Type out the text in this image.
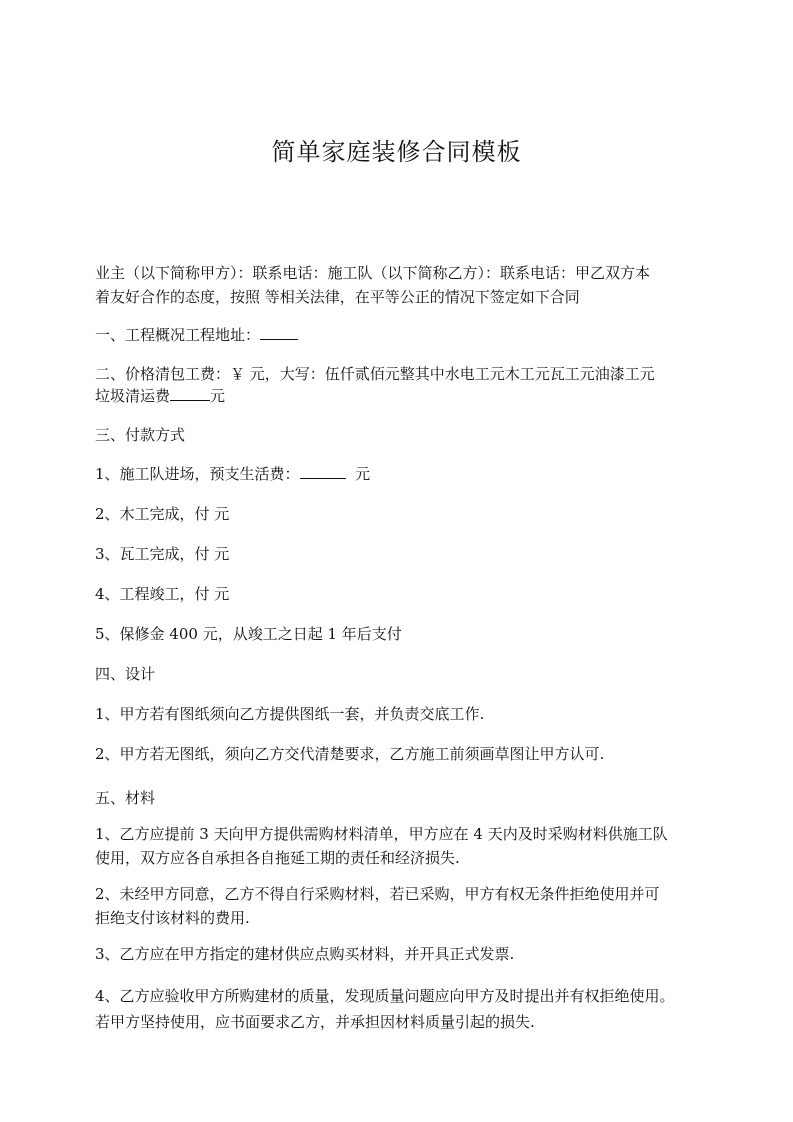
简单家庭装修合同模板

业主（以下简称甲方）：联系电话：施工队（以下简称乙方）：联系电话：甲乙双方本

着友好合作的态度，按照 等相关法律，在平等公正的情况下签定如下合同

一、工程概况工程地址：

二、价格清包工费：￥ 元，大写：伍仟贰佰元整其中水电工元木工元瓦工元油漆工元

垃圾清运费	元

三、付款方式

1、施工队进场，预支生活费：	元

2、木工完成，付 元

3、瓦工完成，付 元

4、工程竣工，付 元

5、保修金 400 元，从竣工之日起 1 年后支付

四、设计

1、甲方若有图纸须向乙方提供图纸一套，并负责交底工作.

2、甲方若无图纸，须向乙方交代清楚要求，乙方施工前须画草图让甲方认可.

五、材料

1、乙方应提前 3 天向甲方提供需购材料清单，甲方应在 4 天内及时采购材料供施工队

使用，双方应各自承担各自拖延工期的责任和经济损失.

2、未经甲方同意，乙方不得自行采购材料，若已采购，甲方有权无条件拒绝使用并可

拒绝支付该材料的费用.

3、乙方应在甲方指定的建材供应点购买材料，并开具正式发票.

4、乙方应验收甲方所购建材的质量，发现质量问题应向甲方及时提出并有权拒绝使用。

若甲方坚持使用，应书面要求乙方，并承担因材料质量引起的损失.
